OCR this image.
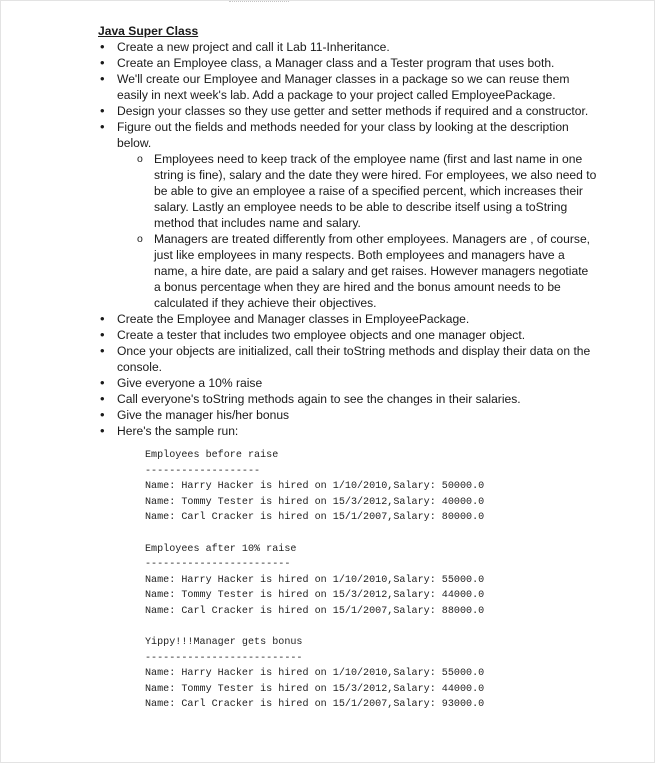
Java Super Class
• Create a new project and call it Lab 11-Inheritance.
• Create an Employee class, a Manager class and a Tester program that uses both.
• We'll create our Employee and Manager classes in a package so we can reuse them easily in next week's lab. Add a package to your project called EmployeePackage.
• Design your classes so they use getter and setter methods if required and a constructor.
• Figure out the fields and methods needed for your class by looking at the description below.
o Employees need to keep track of the employee name (first and last name in one string is fine), salary and the date they were hired. For employees, we also need to be able to give an employee a raise of a specified percent, which increases their salary. Lastly an employee needs to be able to describe itself using a toString method that includes name and salary.
o Managers are treated differently from other employees. Managers are , of course, just like employees in many respects. Both employees and managers have a name, a hire date, are paid a salary and get raises. However managers negotiate a bonus percentage when they are hired and the bonus amount needs to be calculated if they achieve their objectives.
• Create the Employee and Manager classes in EmployeePackage.
• Create a tester that includes two employee objects and one manager object.
• Once your objects are initialized, call their toString methods and display their data on the console.
• Give everyone a 10% raise
• Call everyone's toString methods again to see the changes in their salaries.
• Give the manager his/her bonus
• Here's the sample run:
Employees before raise
-------------------
Name: Harry Hacker is hired on 1/10/2010,Salary: 50000.0
Name: Tommy Tester is hired on 15/3/2012,Salary: 40000.0
Name: Carl Cracker is hired on 15/1/2007,Salary: 80000.0
Employees after 10% raise
------------------------
Name: Harry Hacker is hired on 1/10/2010,Salary: 55000.0
Name: Tommy Tester is hired on 15/3/2012,Salary: 44000.0
Name: Carl Cracker is hired on 15/1/2007,Salary: 88000.0
Yippy!!!Manager gets bonus
--------------------------
Name: Harry Hacker is hired on 1/10/2010,Salary: 55000.0
Name: Tommy Tester is hired on 15/3/2012,Salary: 44000.0
Name: Carl Cracker is hired on 15/1/2007,Salary: 93000.0
